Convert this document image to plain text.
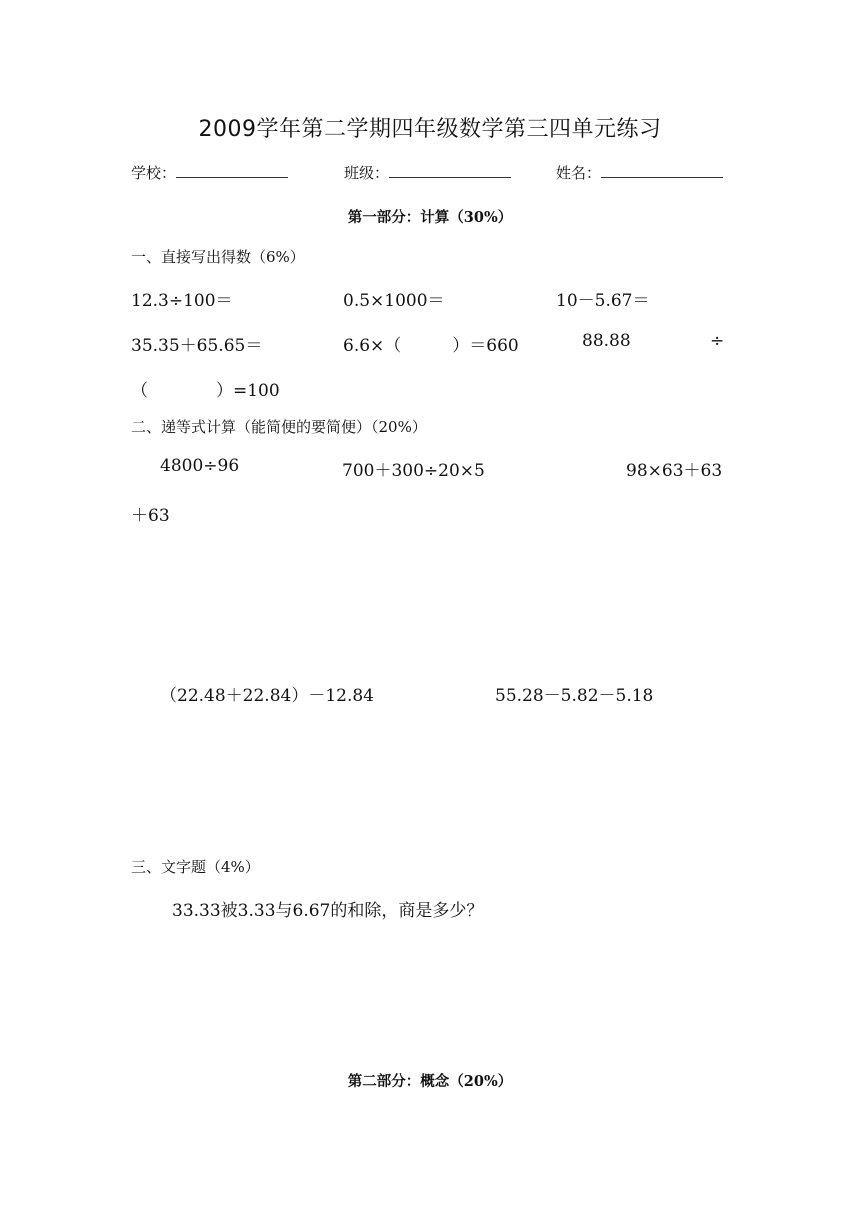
2009学年第二学期四年级数学第三四单元练习
学校：	班级：	姓名：
第一部分：计算（30%）
一、直接写出得数（6%）
12.3÷100＝	0.5×1000＝	10－5.67＝
35.35＋65.65＝	6.6×（　　　）＝660	88.88	÷
（　　　　）=100
二、递等式计算（能简便的要简便）（20%）
4800÷96	700＋300÷20×5	98×63＋63
＋63
（22.48＋22.84）－12.84	55.28－5.82－5.18
三、文字题（4%）
33.33被3.33与6.67的和除，商是多少？
第二部分：概念（20%）
